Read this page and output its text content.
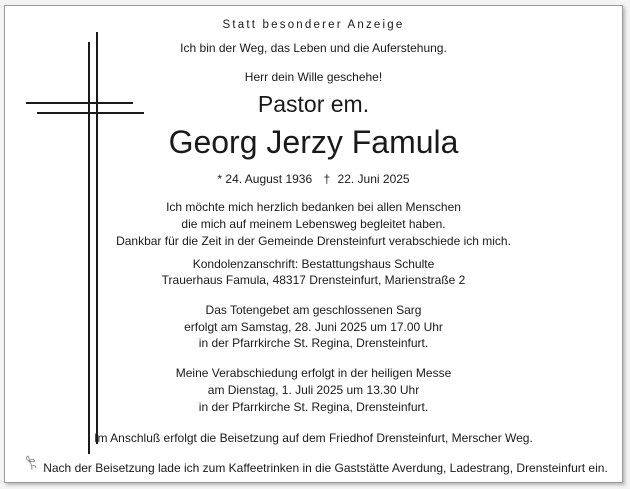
Statt besonderer Anzeige
Ich bin der Weg, das Leben und die Auferstehung.
Herr dein Wille geschehe!
Pastor em.
Georg Jerzy Famula
* 24. August 1936 † 22. Juni 2025
Ich möchte mich herzlich bedanken bei allen Menschen
die mich auf meinem Lebensweg begleitet haben.
Dankbar für die Zeit in der Gemeinde Drensteinfurt verabschiede ich mich.
Kondolenzanschrift: Bestattungshaus Schulte
Trauerhaus Famula, 48317 Drensteinfurt, Marienstraße 2
Das Totengebet am geschlossenen Sarg
erfolgt am Samstag, 28. Juni 2025 um 17.00 Uhr
in der Pfarrkirche St. Regina, Drensteinfurt.
Meine Verabschiedung erfolgt in der heiligen Messe
am Dienstag, 1. Juli 2025 um 13.30 Uhr
in der Pfarrkirche St. Regina, Drensteinfurt.
Im Anschluß erfolgt die Beisetzung auf dem Friedhof Drensteinfurt, Merscher Weg.
Nach der Beisetzung lade ich zum Kaffeetrinken in die Gaststätte Averdung, Ladestrang, Drensteinfurt ein.
